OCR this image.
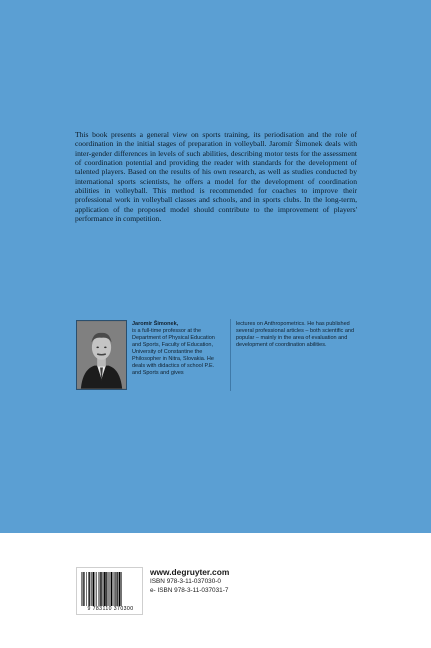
This book presents a general view on sports training, its periodisation and the role of coordination in the initial stages of preparation in volleyball. Jaromír Šimonek deals with inter-gender differences in levels of such abilities, describing motor tests for the assessment of coordination potential and providing the reader with standards for the development of talented players. Based on the results of his own research, as well as studies conducted by international sports scientists, he offers a model for the development of coordination abilities in volleyball. This method is recommended for coaches to improve their professional work in volleyball classes and schools, and in sports clubs. In the long-term, application of the proposed model should contribute to the improvement of players' performance in competition.

Jaromír Šimonek,
is a full-time professor at the Department of Physical Education and Sports, Faculty of Education, University of Constantine the Philosopher in Nitra, Slovakia. He deals with didactics of school P.E. and Sports and gives
lectures on Anthropometrics. He has published several professional articles – both scientific and popular – mainly in the area of evaluation and development of coordination abilities.
9 783110 370300
www.degruyter.com
ISBN 978-3-11-037030-0
e- ISBN 978-3-11-037031-7
